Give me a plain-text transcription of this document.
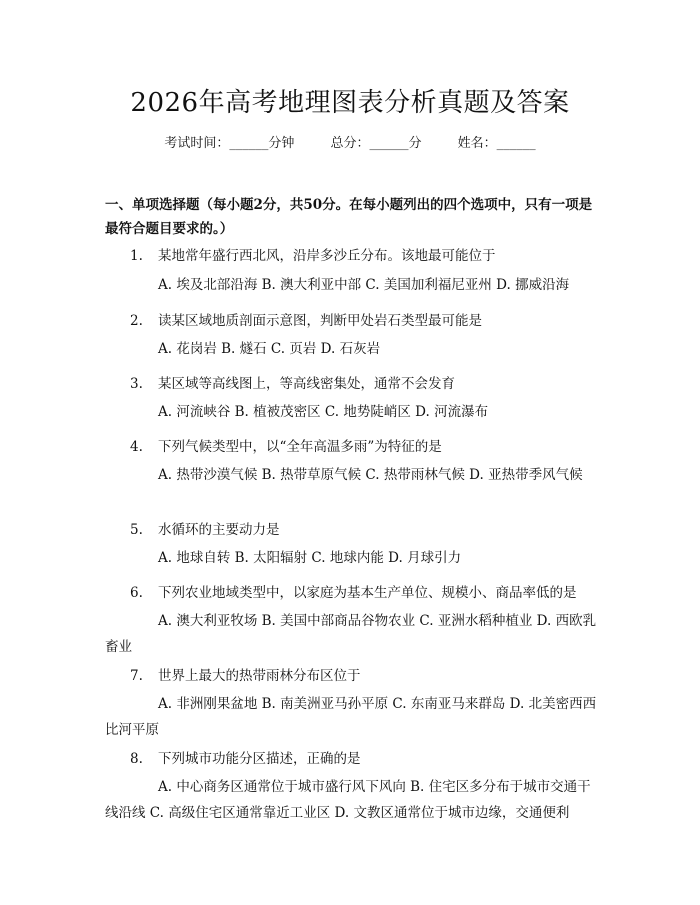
2026年高考地理图表分析真题及答案
考试时间：______分钟	总分：______分	姓名：______
一、单项选择题（每小题2分，共50分。在每小题列出的四个选项中，只有一项是最符合题目要求的。）
1. 某地常年盛行西北风，沿岸多沙丘分布。该地最可能位于
A. 埃及北部沿海 B. 澳大利亚中部 C. 美国加利福尼亚州 D. 挪威沿海
2. 读某区域地质剖面示意图，判断甲处岩石类型最可能是
A. 花岗岩 B. 燧石 C. 页岩 D. 石灰岩
3. 某区域等高线图上，等高线密集处，通常不会发育
A. 河流峡谷 B. 植被茂密区 C. 地势陡峭区 D. 河流瀑布
4. 下列气候类型中，以“全年高温多雨”为特征的是
A. 热带沙漠气候 B. 热带草原气候 C. 热带雨林气候 D. 亚热带季风气候
5. 水循环的主要动力是
A. 地球自转 B. 太阳辐射 C. 地球内能 D. 月球引力
6. 下列农业地域类型中，以家庭为基本生产单位、规模小、商品率低的是
A. 澳大利亚牧场 B. 美国中部商品谷物农业 C. 亚洲水稻种植业 D. 西欧乳畜业
7. 世界上最大的热带雨林分布区位于
A. 非洲刚果盆地 B. 南美洲亚马孙平原 C. 东南亚马来群岛 D. 北美密西西比河平原
8. 下列城市功能分区描述，正确的是
A. 中心商务区通常位于城市盛行风下风向 B. 住宅区多分布于城市交通干线沿线 C. 高级住宅区通常靠近工业区 D. 文教区通常位于城市边缘，交通便利
